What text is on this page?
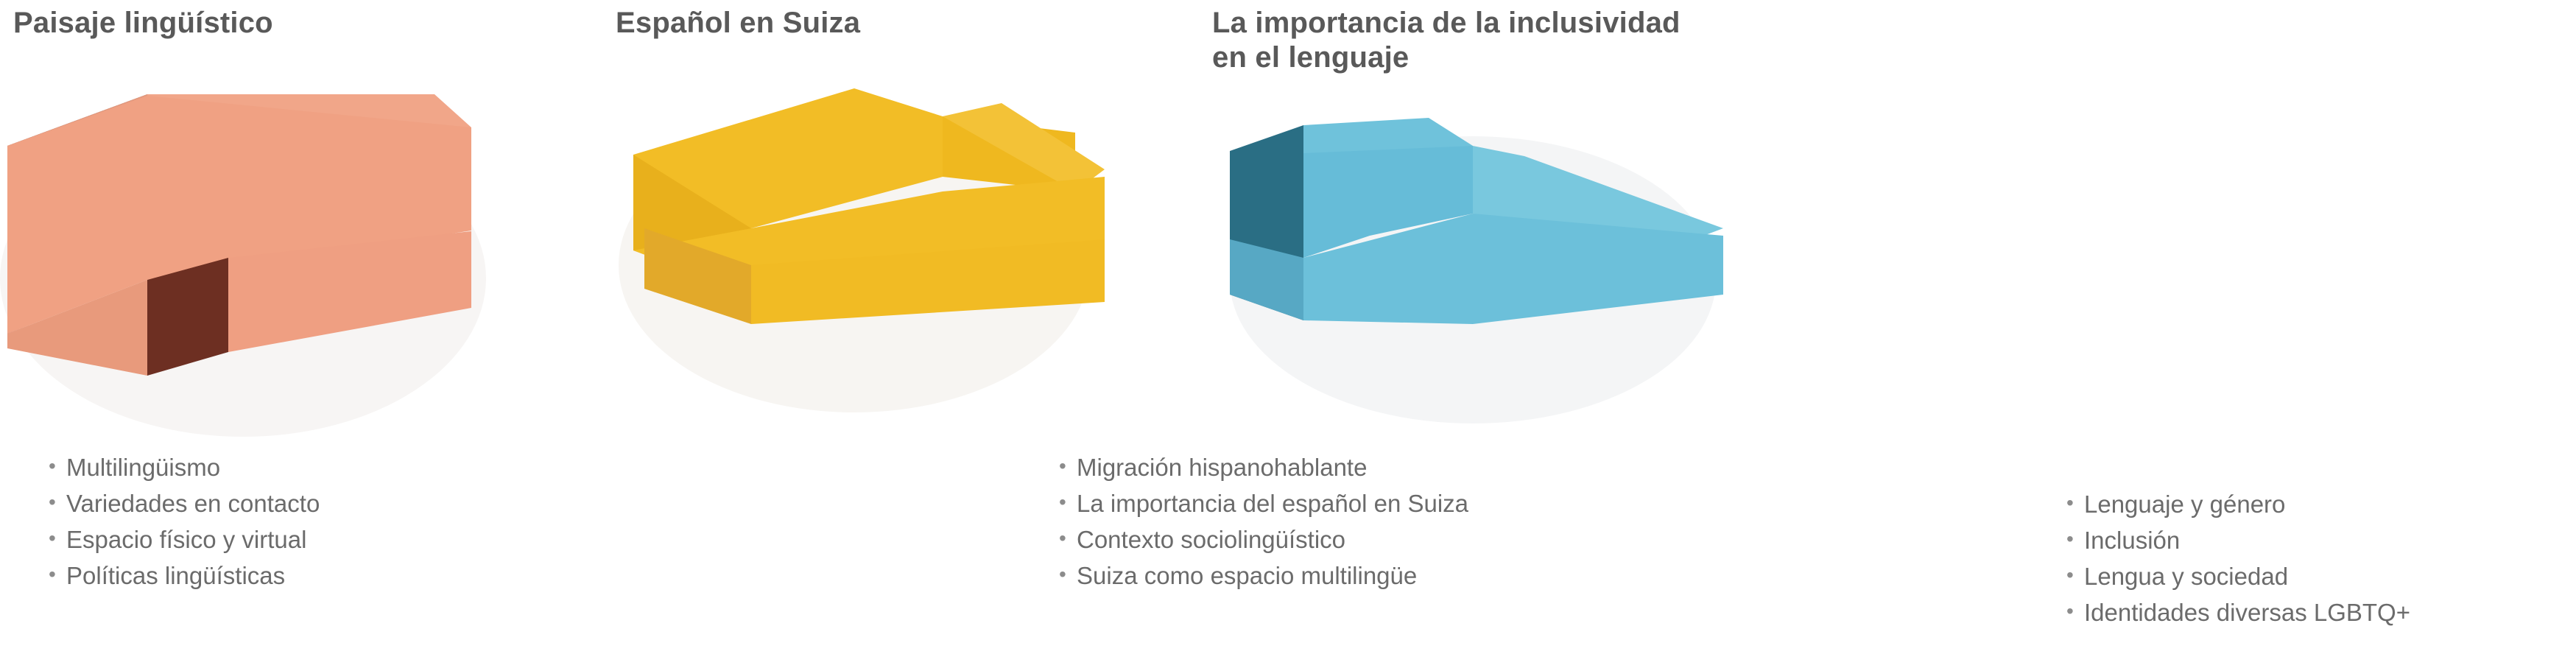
Paisaje lingüístico
• Multilingüismo
• Variedades en contacto
• Espacio físico y virtual
• Políticas lingüísticas
Español en Suiza
• Migración hispanohablante
• La importancia del español en Suiza
• Contexto sociolingüístico
• Suiza como espacio multilingüe
La importancia de la inclusividad en el lenguaje
• Lenguaje y género
• Inclusión
• Lengua y sociedad
• Identidades diversas LGBTQ+
